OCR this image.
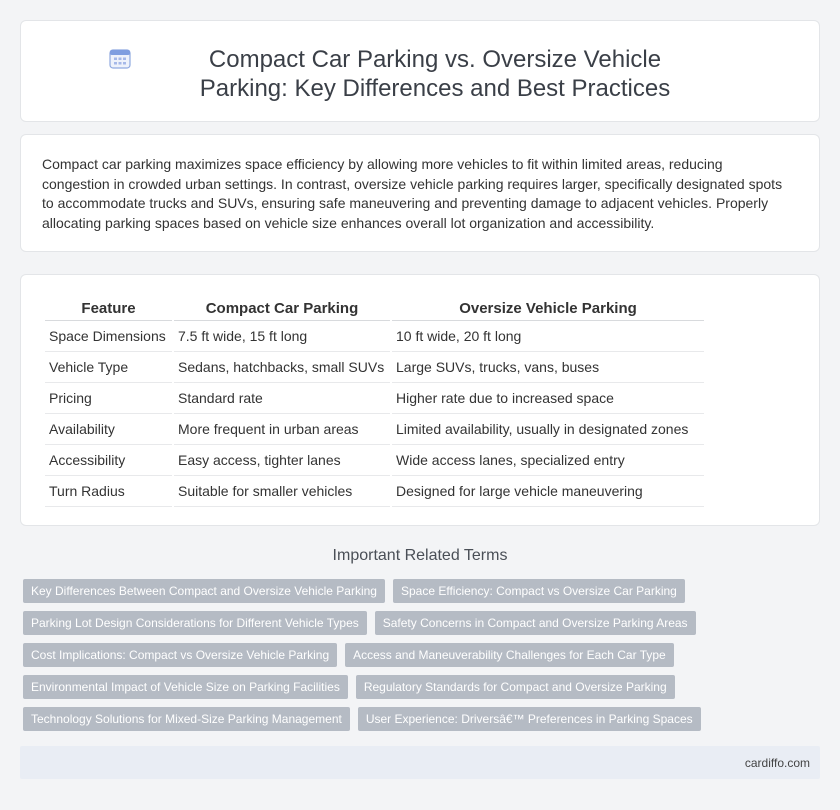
Compact Car Parking vs. Oversize Vehicle Parking: Key Differences and Best Practices

Compact car parking maximizes space efficiency by allowing more vehicles to fit within limited areas, reducing congestion in crowded urban settings. In contrast, oversize vehicle parking requires larger, specifically designated spots to accommodate trucks and SUVs, ensuring safe maneuvering and preventing damage to adjacent vehicles. Properly allocating parking spaces based on vehicle size enhances overall lot organization and accessibility.

Feature	Compact Car Parking	Oversize Vehicle Parking
Space Dimensions	7.5 ft wide, 15 ft long	10 ft wide, 20 ft long
Vehicle Type	Sedans, hatchbacks, small SUVs	Large SUVs, trucks, vans, buses
Pricing	Standard rate	Higher rate due to increased space
Availability	More frequent in urban areas	Limited availability, usually in designated zones
Accessibility	Easy access, tighter lanes	Wide access lanes, specialized entry
Turn Radius	Suitable for smaller vehicles	Designed for large vehicle maneuvering
Important Related Terms
Key Differences Between Compact and Oversize Vehicle Parking	Space Efficiency: Compact vs Oversize Car Parking
Parking Lot Design Considerations for Different Vehicle Types	Safety Concerns in Compact and Oversize Parking Areas
Cost Implications: Compact vs Oversize Vehicle Parking	Access and Maneuverability Challenges for Each Car Type
Environmental Impact of Vehicle Size on Parking Facilities	Regulatory Standards for Compact and Oversize Parking
Technology Solutions for Mixed-Size Parking Management	User Experience: Driversâ€™ Preferences in Parking Spaces
cardiffo.com
